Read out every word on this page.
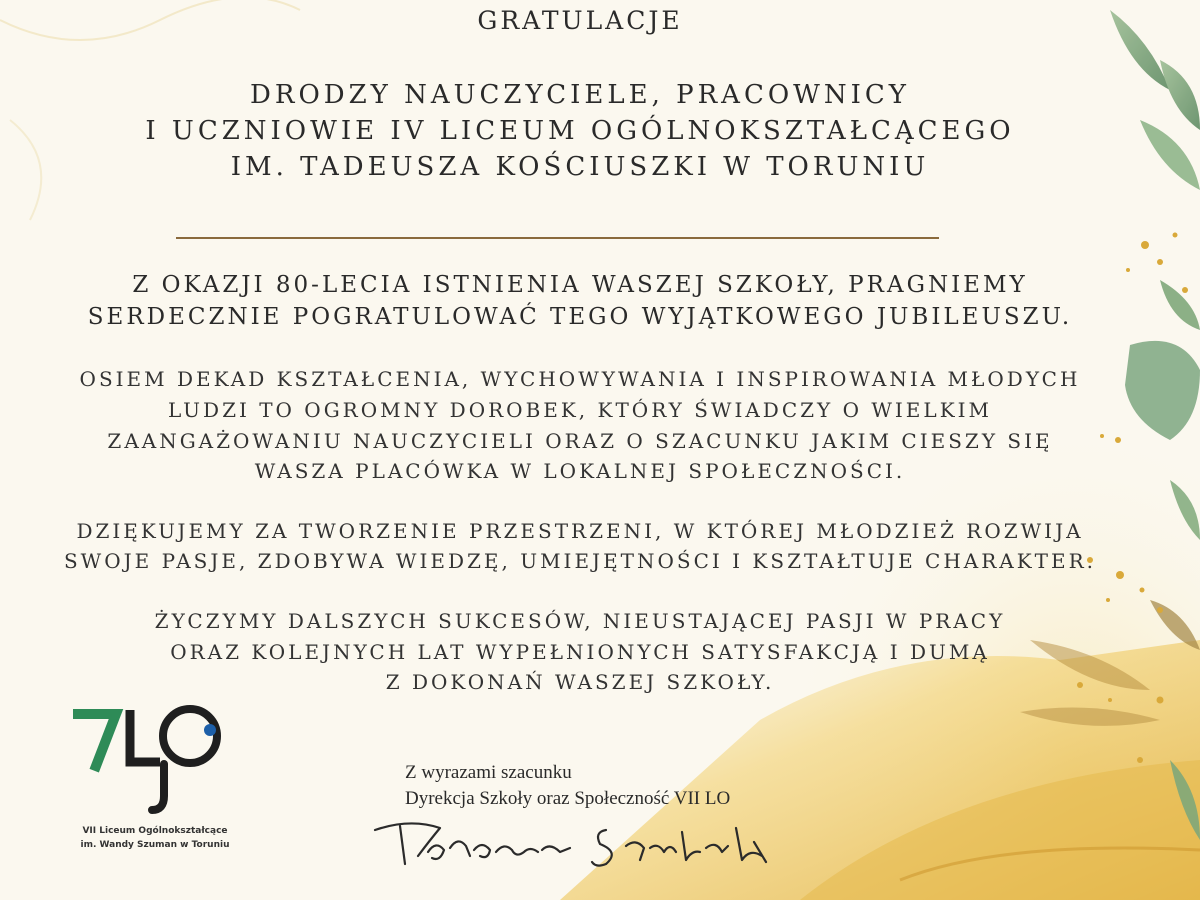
GRATULACJE
DRODZY NAUCZYCIELE, PRACOWNICY
I UCZNIOWIE IV LICEUM OGÓLNOKSZTAŁCĄCEGO
IM. TADEUSZA KOŚCIUSZKI W TORUNIU
Z OKAZJI 80-LECIA ISTNIENIA WASZEJ SZKOŁY, PRAGNIEMY
SERDECZNIE POGRATULOWAĆ TEGO WYJĄTKOWEGO JUBILEUSZU.
OSIEM DEKAD KSZTAŁCENIA, WYCHOWYWANIA I INSPIROWANIA MŁODYCH
LUDZI TO OGROMNY DOROBEK, KTÓRY ŚWIADCZY O WIELKIM
ZAANGAŻOWANIU NAUCZYCIELI ORAZ O SZACUNKU JAKIM CIESZY SIĘ
WASZA PLACÓWKA W LOKALNEJ SPOŁECZNOŚCI.
DZIĘKUJEMY ZA TWORZENIE PRZESTRZENI, W KTÓREJ MŁODZIEŻ ROZWIJA
SWOJE PASJE, ZDOBYWA WIEDZĘ, UMIEJĘTNOŚCI I KSZTAŁTUJE CHARAKTER.
ŻYCZYMY DALSZYCH SUKCESÓW, NIEUSTAJĄCEJ PASJI W PRACY
ORAZ KOLEJNYCH LAT WYPEŁNIONYCH SATYSFAKCJĄ I DUMĄ
Z DOKONAŃ WASZEJ SZKOŁY.
VII Liceum Ogólnokształcące
im. Wandy Szuman w Toruniu
Z wyrazami szacunku
Dyrekcja Szkoły oraz Społeczność VII LO
